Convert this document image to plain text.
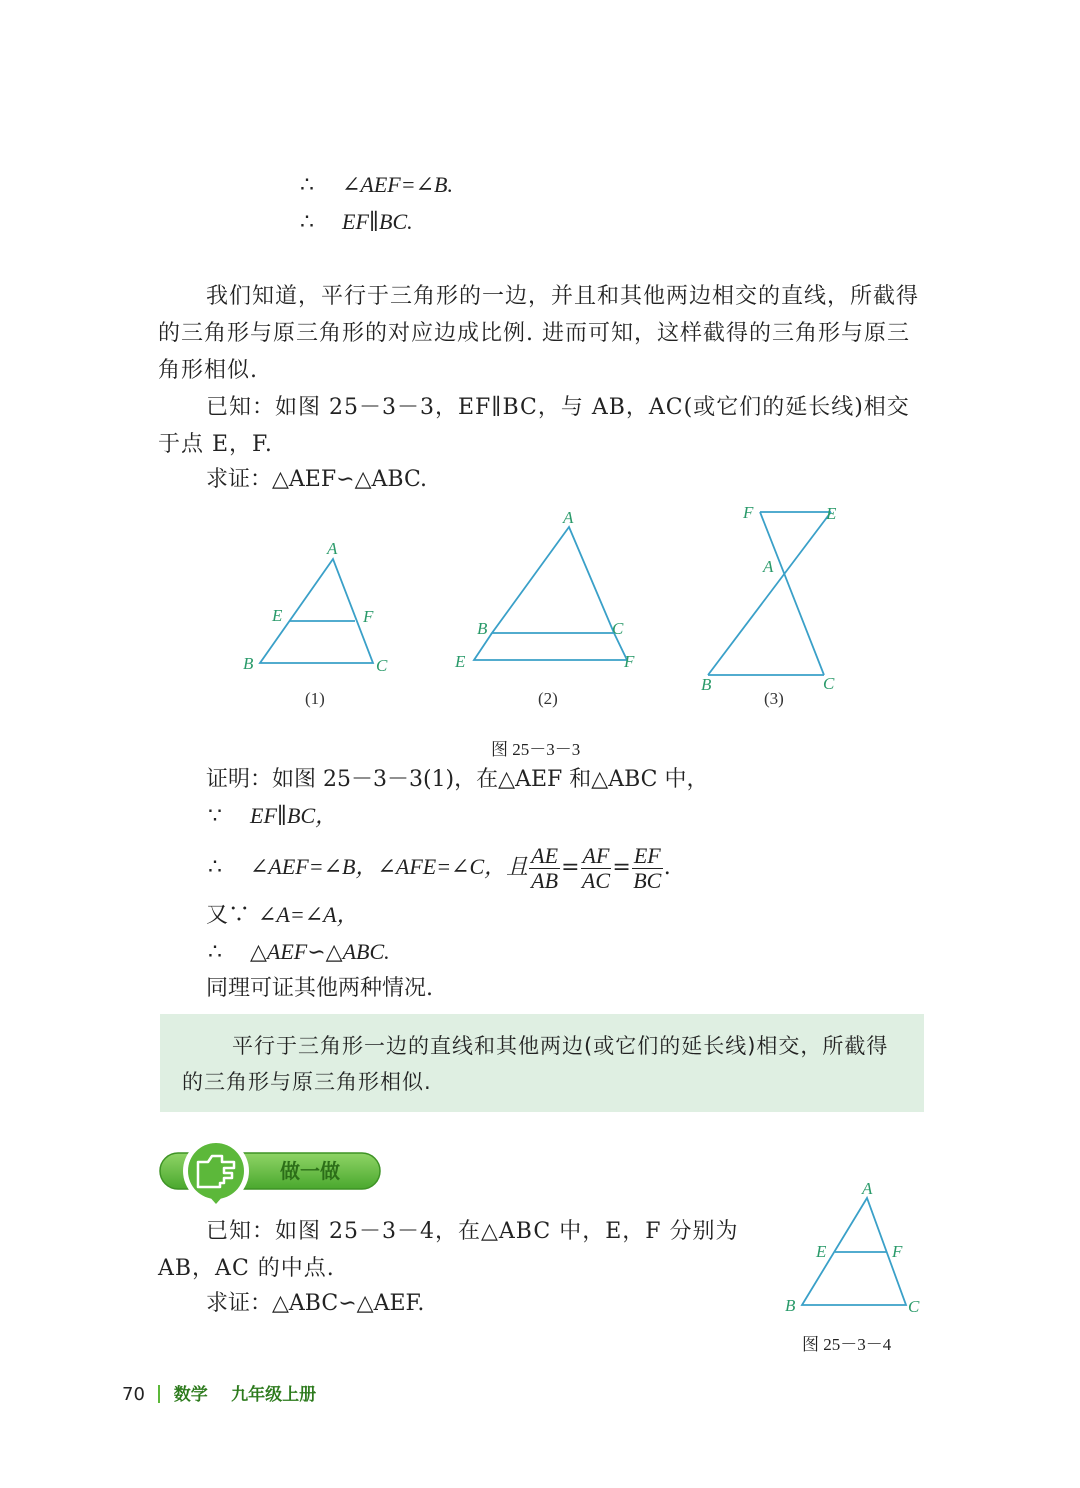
∴ ∠AEF=∠B.
∴ EF∥BC.
我们知道，平行于三角形的一边，并且和其他两边相交的直线，所截得的三角形与原三角形的对应边成比例. 进而可知，这样截得的三角形与原三角形相似.
已知：如图 25－3－3，EF∥BC，与 AB，AC(或它们的延长线)相交于点 E，F.
求证：△AEF∽△ABC.
A
E	F
B	C
A
B	C
E	F
F	E
A
B	C
(1)	(2)	(3)
图 25－3－3
证明：如图 25－3－3(1)，在△AEF 和△ABC 中，
∵ EF∥BC，
∴ ∠AEF=∠B，∠AFE=∠C，且 $\frac{AE}{AB} = \frac{AF}{AC} = \frac{EF}{BC}$ .
又∵ ∠A=∠A，
∴ △AEF∽△ABC.
同理可证其他两种情况.

平行于三角形一边的直线和其他两边(或它们的延长线)相交，所截得的三角形与原三角形相似.

做一做
已知：如图 25－3－4，在△ABC 中，E，F 分别为 AB，AC 的中点.
求证：△ABC∽△AEF.
A
E	F
B	C
图 25－3－4
70 数学 九年级上册
